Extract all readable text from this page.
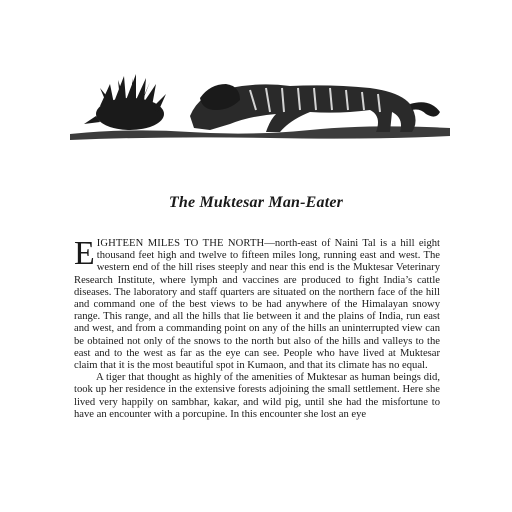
The Muktesar Man-Eater

EIGHTEEN MILES TO THE NORTH—north-east of Naini Tal is a hill eight thousand feet high and twelve to fifteen miles long, running east and west. The western end of the hill rises steeply and near this end is the Muktesar Veterinary Research Institute, where lymph and vaccines are produced to fight India’s cattle diseases. The laboratory and staff quarters are situated on the northern face of the hill and command one of the best views to be had anywhere of the Himalayan snowy range. This range, and all the hills that lie between it and the plains of India, run east and west, and from a commanding point on any of the hills an uninterrupted view can be obtained not only of the snows to the north but also of the hills and valleys to the east and to the west as far as the eye can see. People who have lived at Muktesar claim that it is the most beautiful spot in Kumaon, and that its climate has no equal.

A tiger that thought as highly of the amenities of Muktesar as human beings did, took up her residence in the extensive forests adjoining the small settlement. Here she lived very happily on sambhar, kakar, and wild pig, until she had the misfortune to have an encounter with a porcupine. In this encounter she lost an eye
